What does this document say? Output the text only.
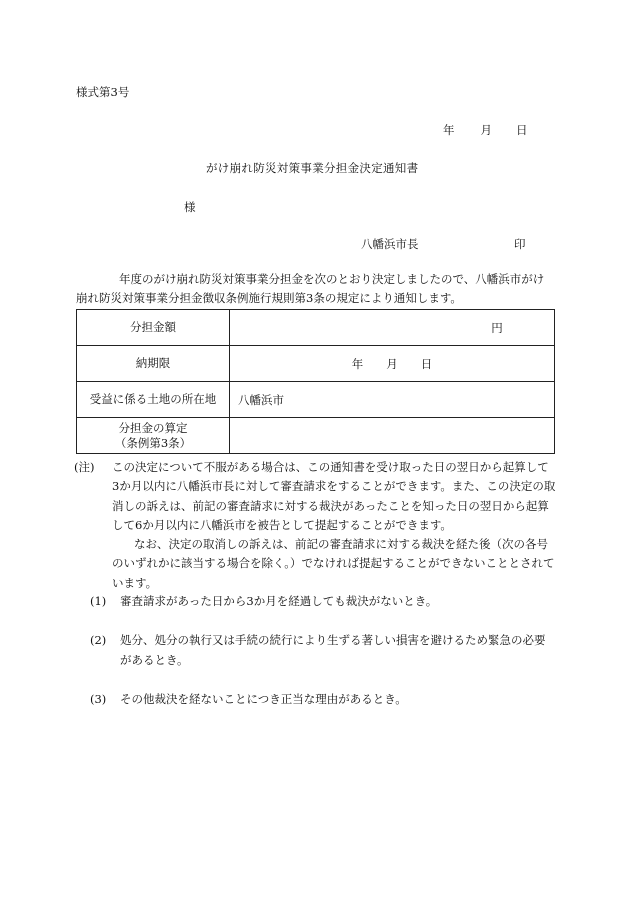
様式第3号
年 月 日
がけ崩れ防災対策事業分担金決定通知書
様
八幡浜市長	印
年度のがけ崩れ防災対策事業分担金を次のとおり決定しましたので、八幡浜市がけ崩れ防災対策事業分担金徴収条例施行規則第3条の規定により通知します。
分担金額	円
納期限	年　　月　　日
受益に係る土地の所在地	八幡浜市

分担金の算定
（条例第3条）	

(注)	この決定について不服がある場合は、この通知書を受け取った日の翌日から起算して3か月以内に八幡浜市長に対して審査請求をすることができます。また、この決定の取消しの訴えは、前記の審査請求に対する裁決があったことを知った日の翌日から起算して6か月以内に八幡浜市を被告として提起することができます。
なお、決定の取消しの訴えは、前記の審査請求に対する裁決を経た後（次の各号のいずれかに該当する場合を除く。）でなければ提起することができないこととされています。
(1)	審査請求があった日から3か月を経過しても裁決がないとき。
(2)	処分、処分の執行又は手続の続行により生ずる著しい損害を避けるため緊急の必要があるとき。
(3)	その他裁決を経ないことにつき正当な理由があるとき。
